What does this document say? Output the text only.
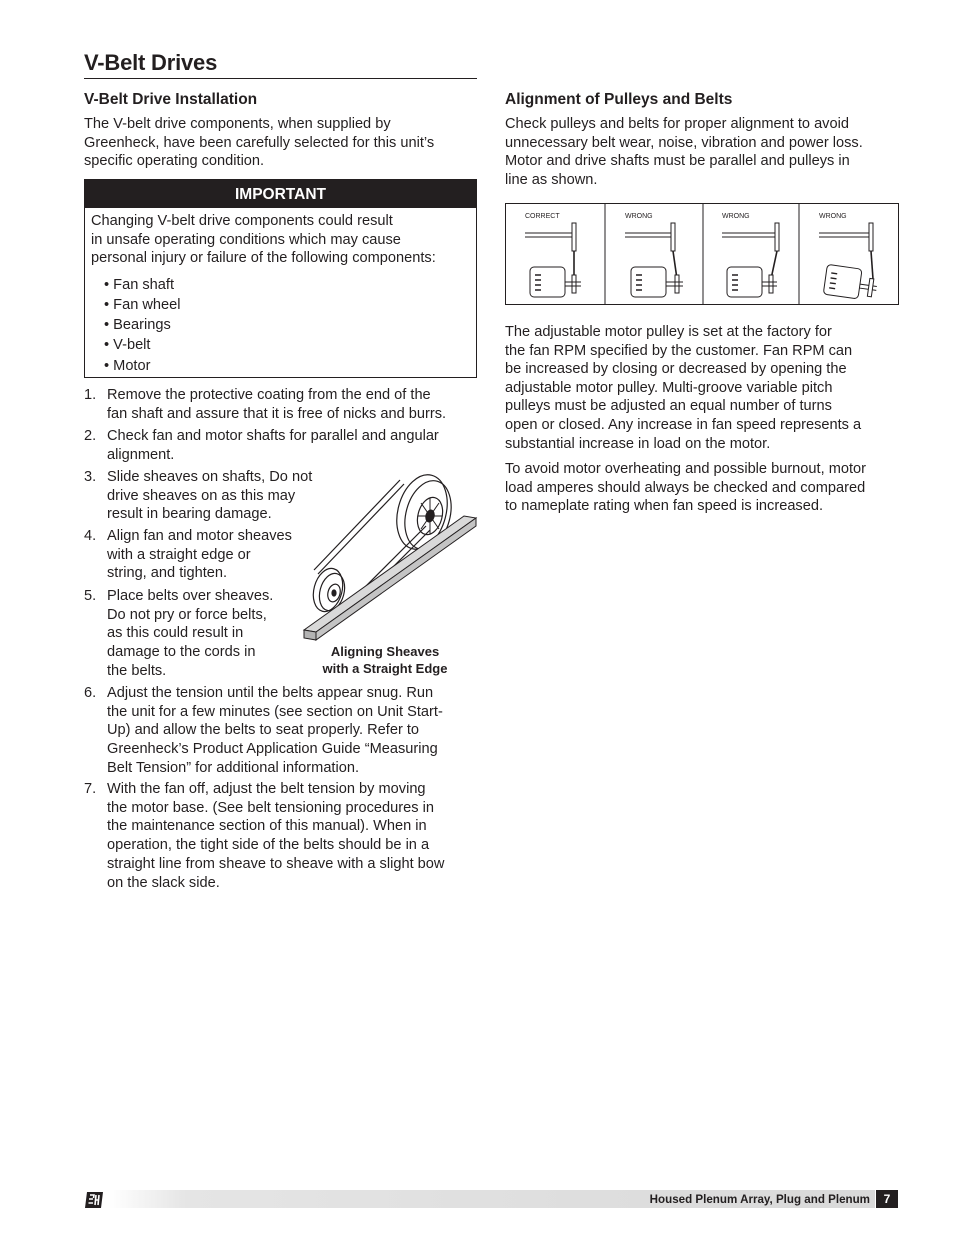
V-Belt Drives
V-Belt Drive Installation
The V-belt drive components, when supplied by
Greenheck, have been carefully selected for this unit’s
specific operating condition.
IMPORTANT
Changing V-belt drive components could result
in unsafe operating conditions which may cause
personal injury or failure of the following components:
• Fan shaft
• Fan wheel
• Bearings
• V-belt
• Motor
1. Remove the protective coating from the end of the
fan shaft and assure that it is free of nicks and burrs.
2. Check fan and motor shafts for parallel and angular
alignment.
3. Slide sheaves on shafts, Do not
drive sheaves on as this may
result in bearing damage.
4. Align fan and motor sheaves
with a straight edge or
string, and tighten.
5. Place belts over sheaves.
Do not pry or force belts,
as this could result in
damage to the cords in
the belts.
6. Adjust the tension until the belts appear snug. Run
the unit for a few minutes (see section on Unit Start-
Up) and allow the belts to seat properly. Refer to
Greenheck’s Product Application Guide “Measuring
Belt Tension” for additional information.
7. With the fan off, adjust the belt tension by moving
the motor base. (See belt tensioning procedures in
the maintenance section of this manual). When in
operation, the tight side of the belts should be in a
straight line from sheave to sheave with a slight bow
on the slack side.
Aligning Sheaves
with a Straight Edge
Alignment of Pulleys and Belts
Check pulleys and belts for proper alignment to avoid
unnecessary belt wear, noise, vibration and power loss.
Motor and drive shafts must be parallel and pulleys in
line as shown.
CORRECT	WRONG	WRONG	WRONG
The adjustable motor pulley is set at the factory for
the fan RPM specified by the customer. Fan RPM can
be increased by closing or decreased by opening the
adjustable motor pulley. Multi-groove variable pitch
pulleys must be adjusted an equal number of turns
open or closed. Any increase in fan speed represents a
substantial increase in load on the motor.
To avoid motor overheating and possible burnout, motor
load amperes should always be checked and compared
to nameplate rating when fan speed is increased.
Housed Plenum Array, Plug and Plenum	7
